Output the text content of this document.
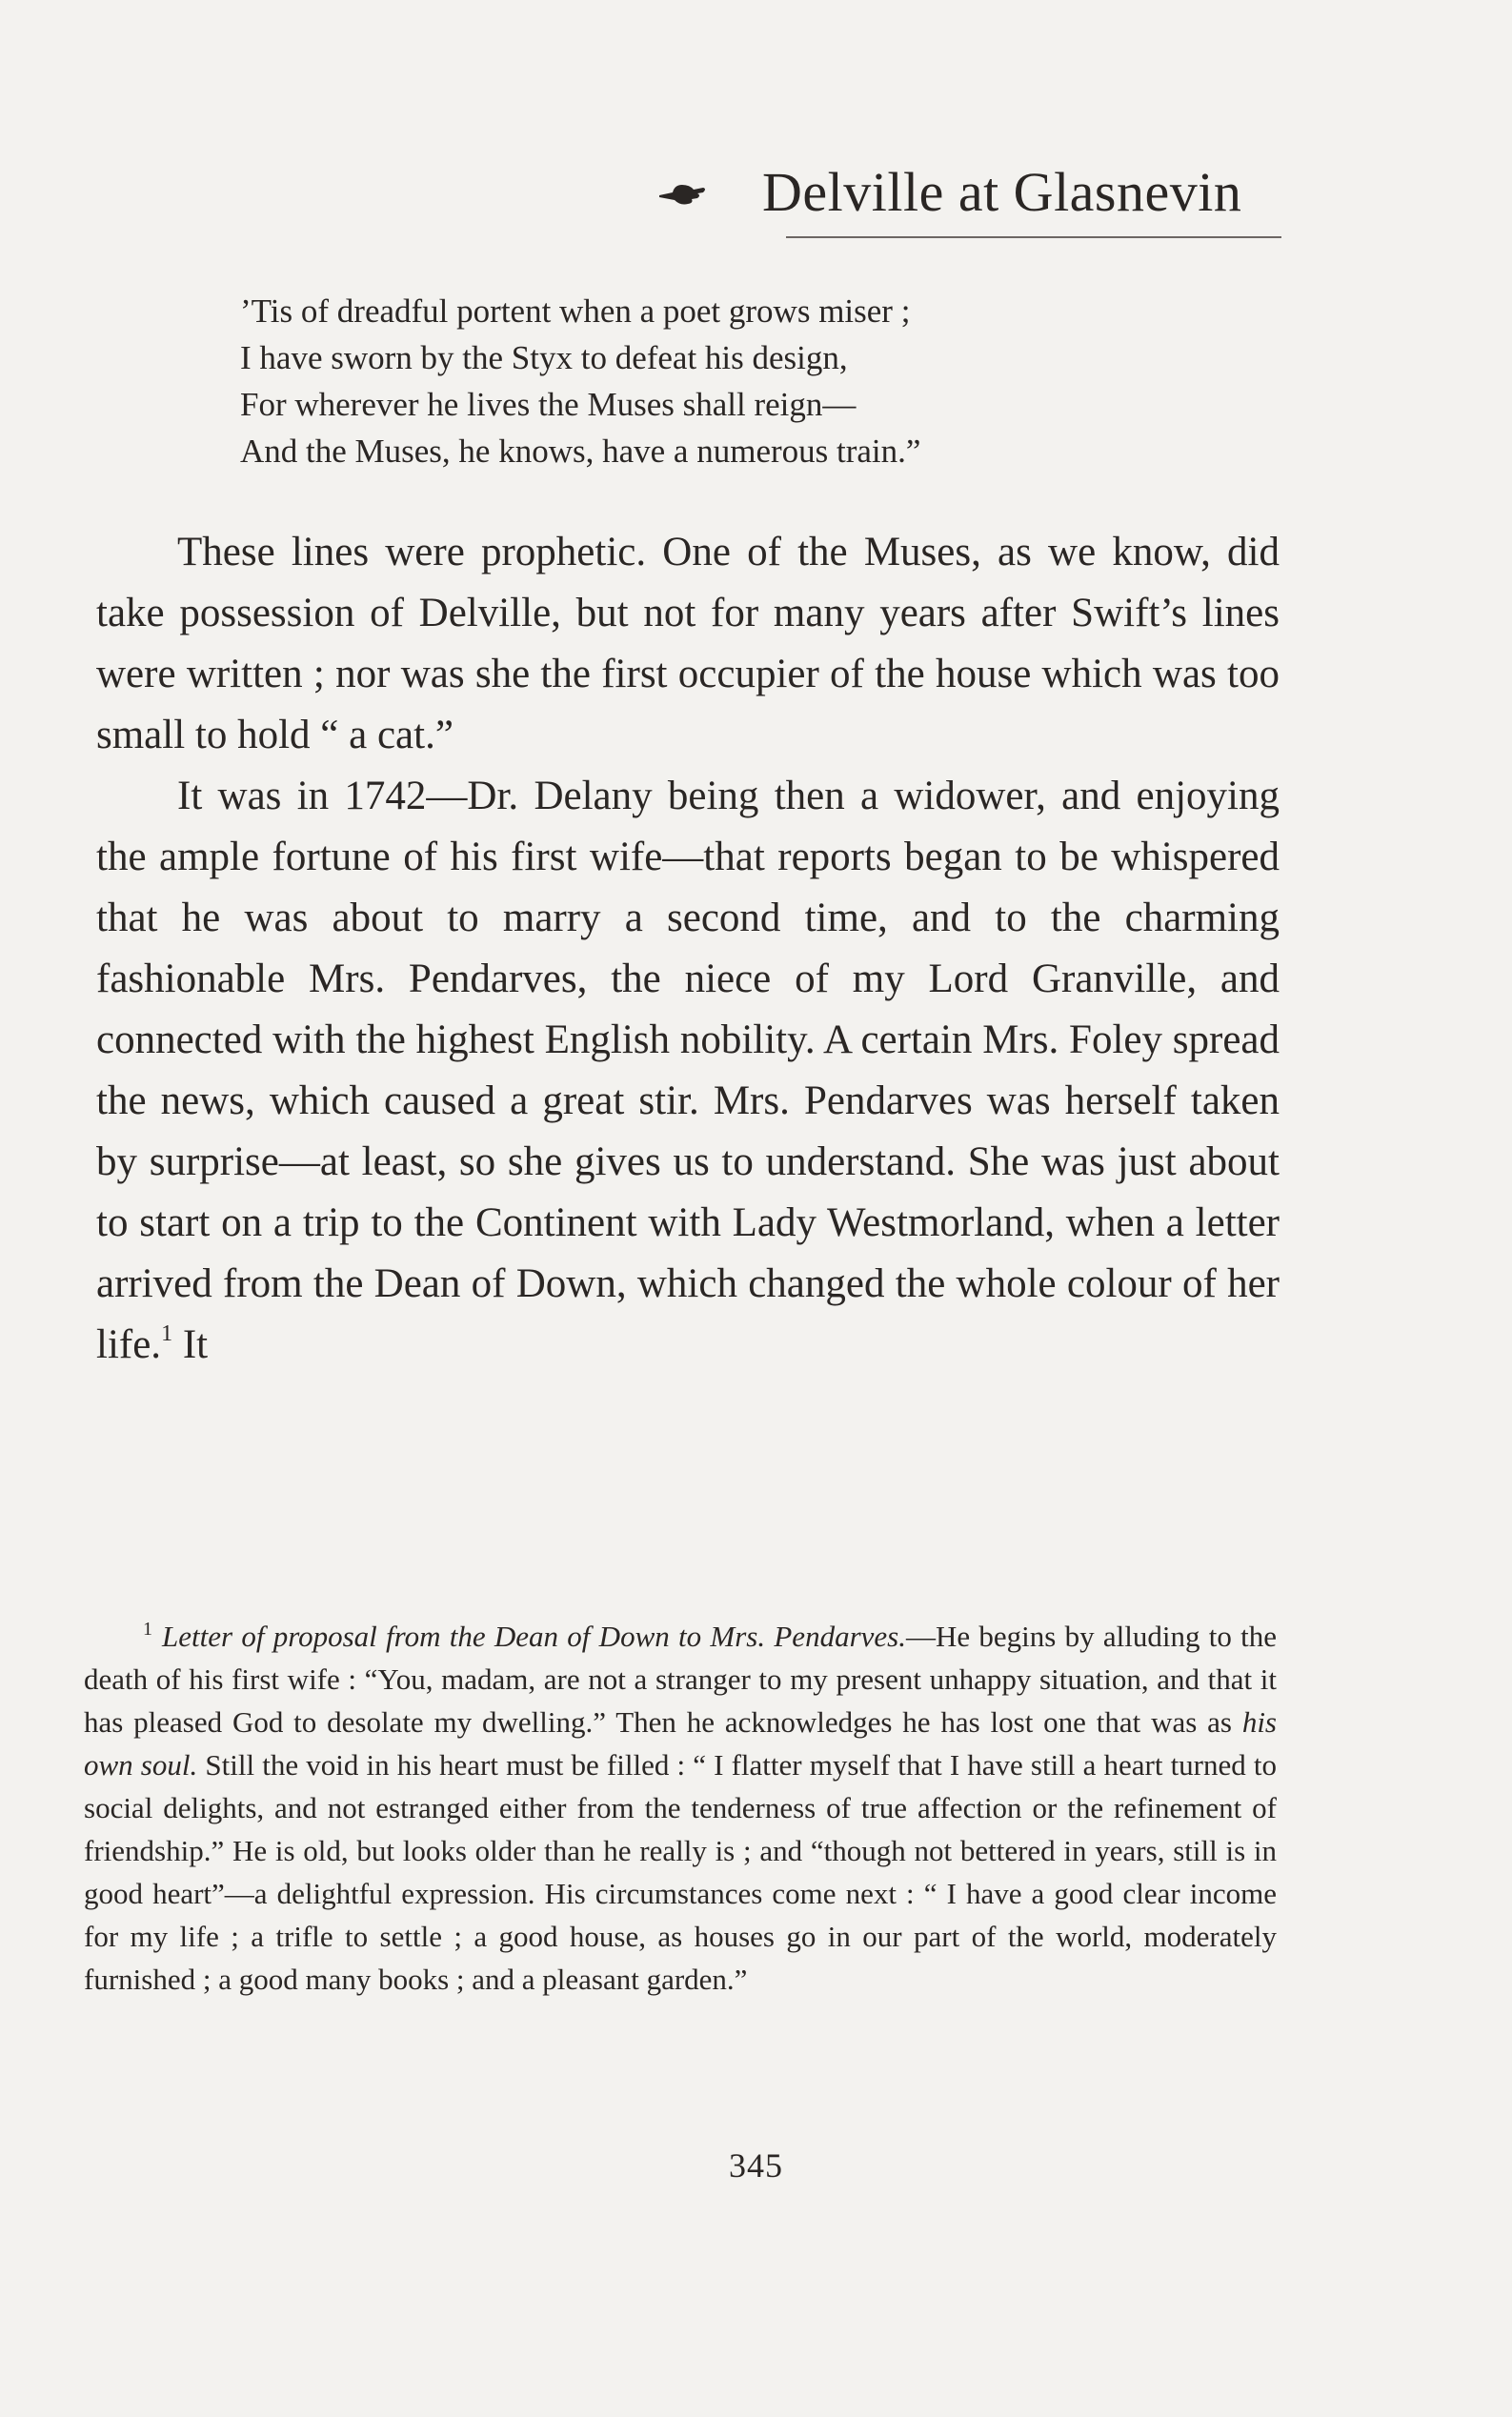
Delville at Glasnevin
’Tis of dreadful portent when a poet grows miser ;
I have sworn by the Styx to defeat his design,
For wherever he lives the Muses shall reign—
And the Muses, he knows, have a numerous train.”

These lines were prophetic. One of the Muses, as we know, did take possession of Delville, but not for many years after Swift’s lines were written ; nor was she the first occupier of the house which was too small to hold “ a cat.”

It was in 1742—Dr. Delany being then a widower, and enjoying the ample fortune of his first wife—that reports began to be whispered that he was about to marry a second time, and to the charming fashionable Mrs. Pendarves, the niece of my Lord Granville, and connected with the highest English nobility. A certain Mrs. Foley spread the news, which caused a great stir. Mrs. Pendarves was herself taken by surprise—at least, so she gives us to understand. She was just about to start on a trip to the Continent with Lady Westmorland, when a letter arrived from the Dean of Down, which changed the whole colour of her life.$^1$ It

$^1$ Letter of proposal from the Dean of Down to Mrs. Pendarves.—He begins by alluding to the death of his first wife : “You, madam, are not a stranger to my present unhappy situation, and that it has pleased God to desolate my dwelling.” Then he acknowledges he has lost one that was as his own soul. Still the void in his heart must be filled : “ I flatter myself that I have still a heart turned to social delights, and not estranged either from the tenderness of true affection or the refinement of friendship.” He is old, but looks older than he really is ; and “though not bettered in years, still is in good heart”—a delightful expression. His circumstances come next : “ I have a good clear income for my life ; a trifle to settle ; a good house, as houses go in our part of the world, moderately furnished ; a good many books ; and a pleasant garden.”

345
